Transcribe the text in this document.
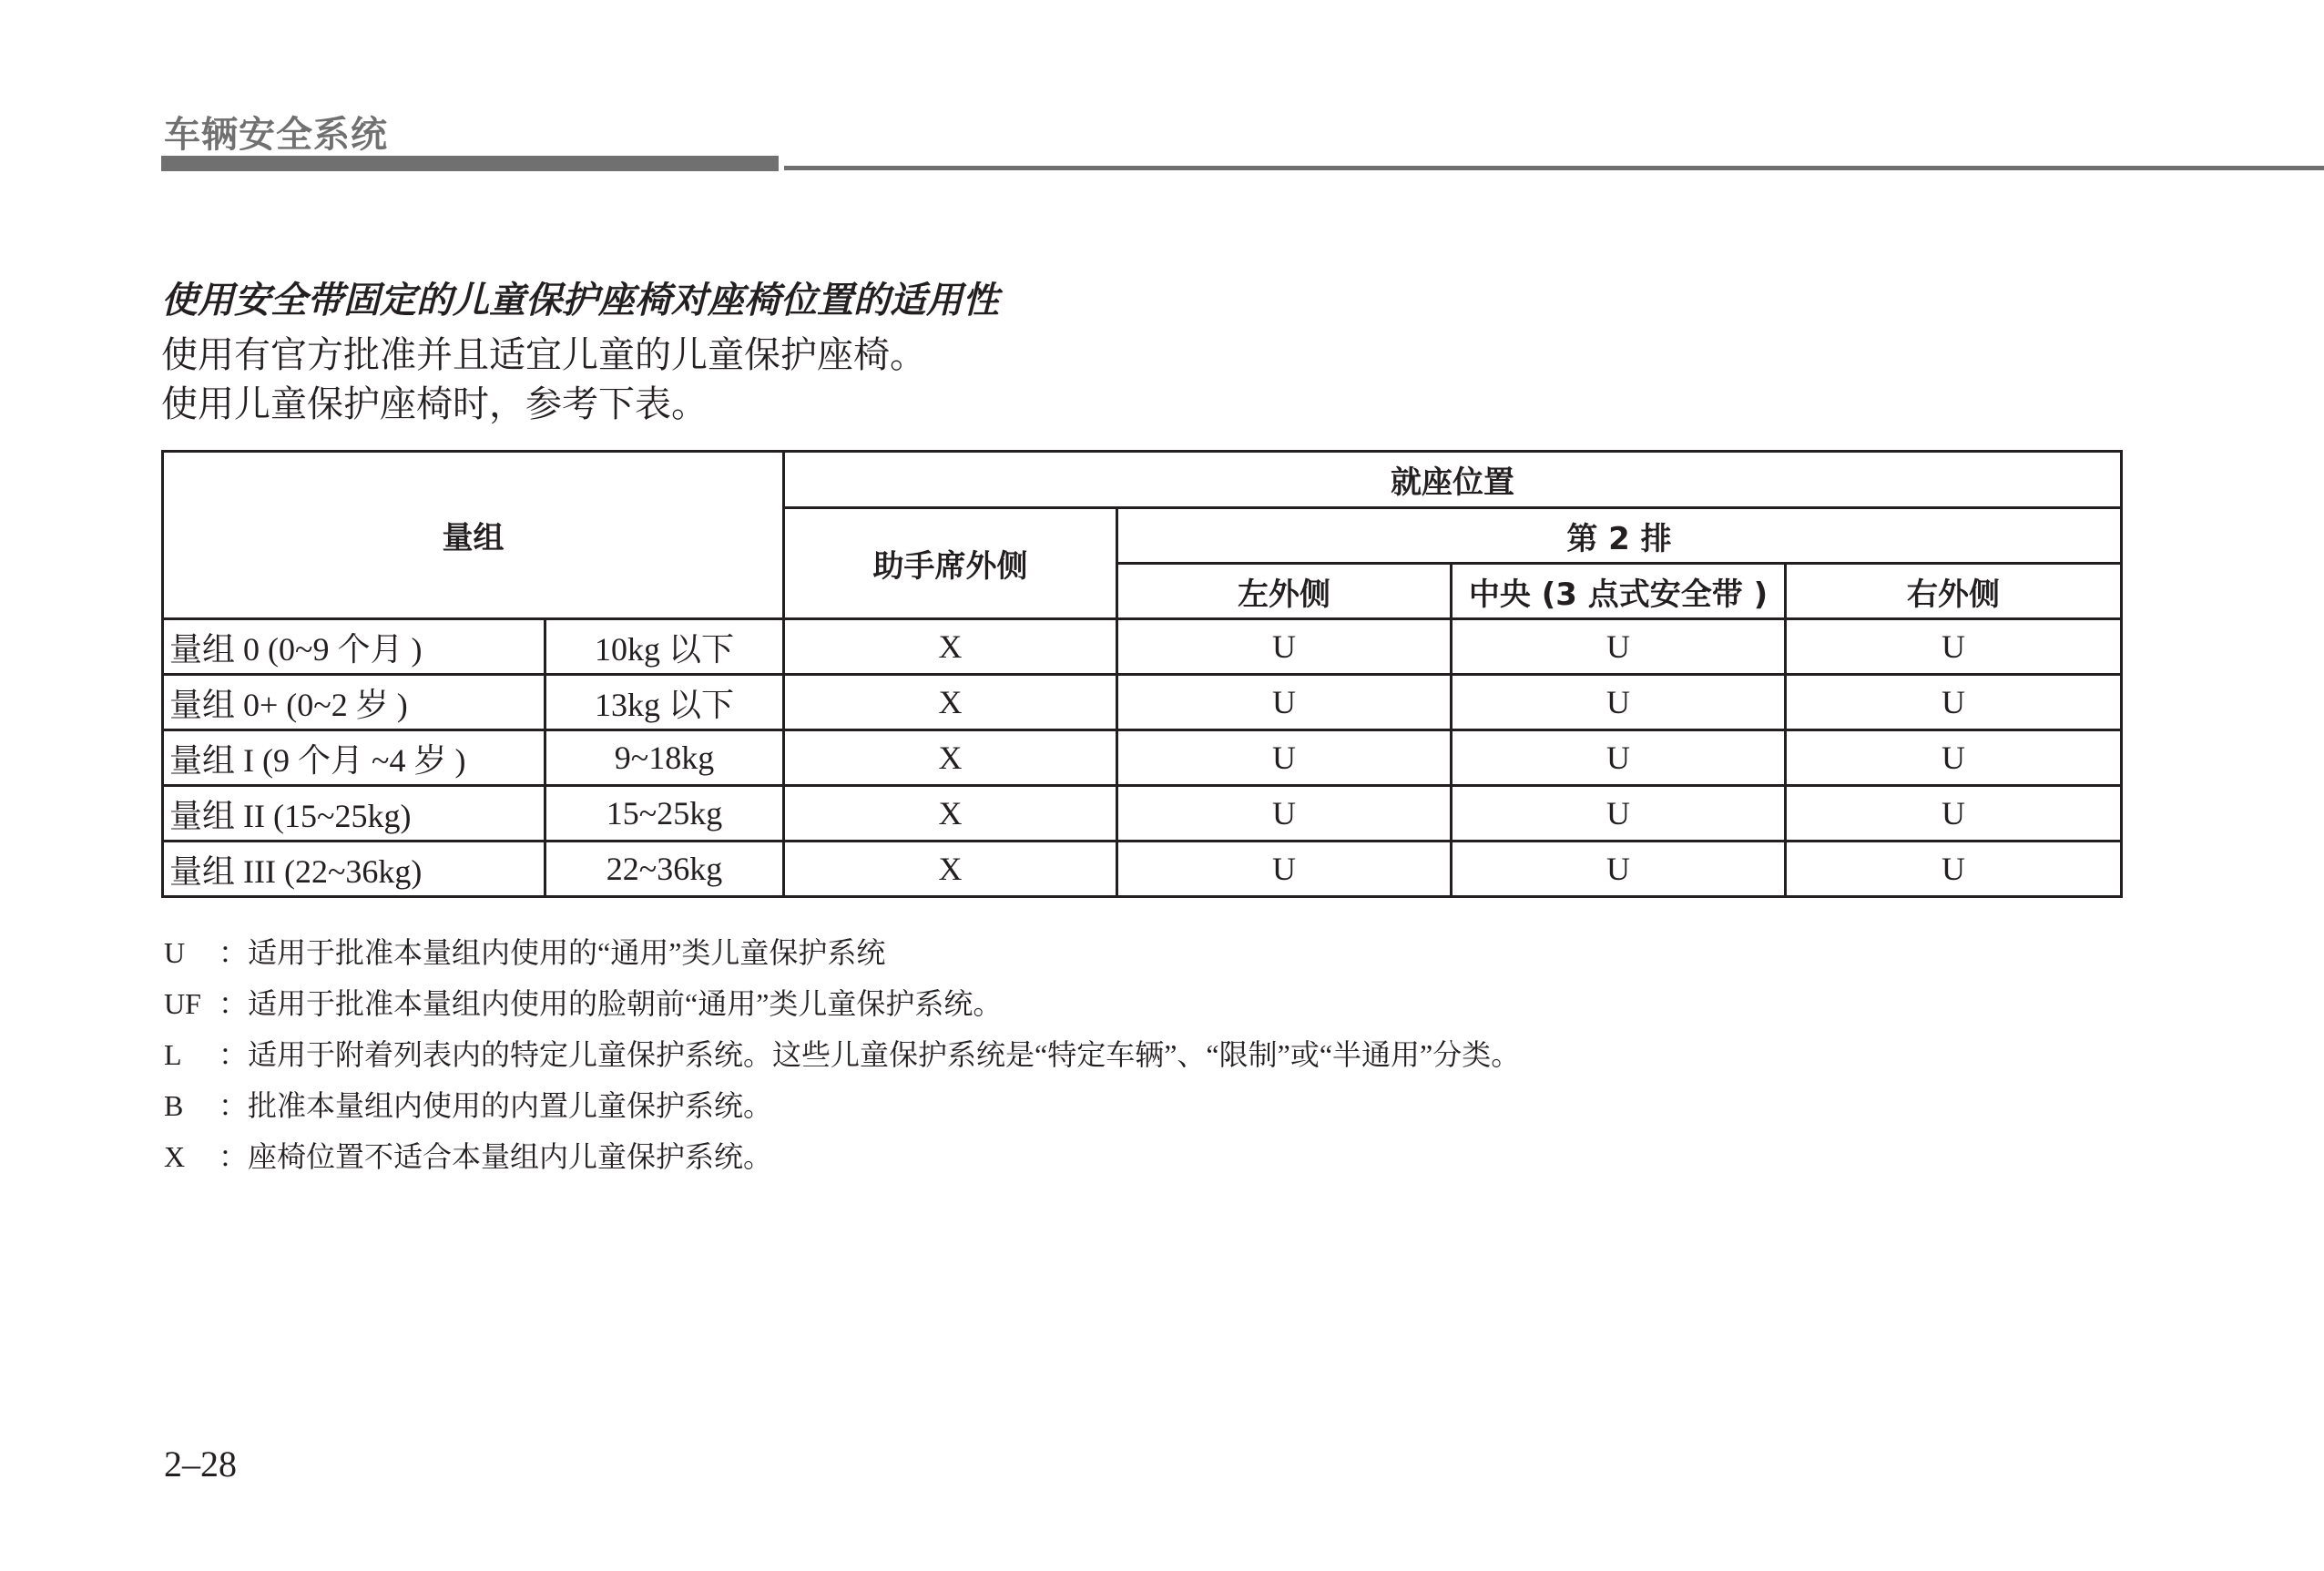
车辆安全系统
使用安全带固定的儿童保护座椅对座椅位置的适用性
使用有官方批准并且适宜儿童的儿童保护座椅。
使用儿童保护座椅时，参考下表。
量组		就座位置			
		助手席外侧	第 2 排		
			左外侧	中央 (3 点式安全带 )	右外侧
量组 0 (0~9 个月 )	10kg 以下	X	U	U	U
量组 0+ (0~2 岁 )	13kg 以下	X	U	U	U
量组 I (9 个月 ~4 岁 )	9~18kg	X	U	U	U
量组 II (15~25kg)	15~25kg	X	U	U	U
量组 III (22~36kg)	22~36kg	X	U	U	U
U	： 适用于批准本量组内使用的“通用”类儿童保护系统
UF ： 适用于批准本量组内使用的脸朝前“通用”类儿童保护系统。
L	： 适用于附着列表内的特定儿童保护系统。这些儿童保护系统是“特定车辆”、“限制”或“半通用”分类。
B	： 批准本量组内使用的内置儿童保护系统。
X	： 座椅位置不适合本量组内儿童保护系统。
2–28
